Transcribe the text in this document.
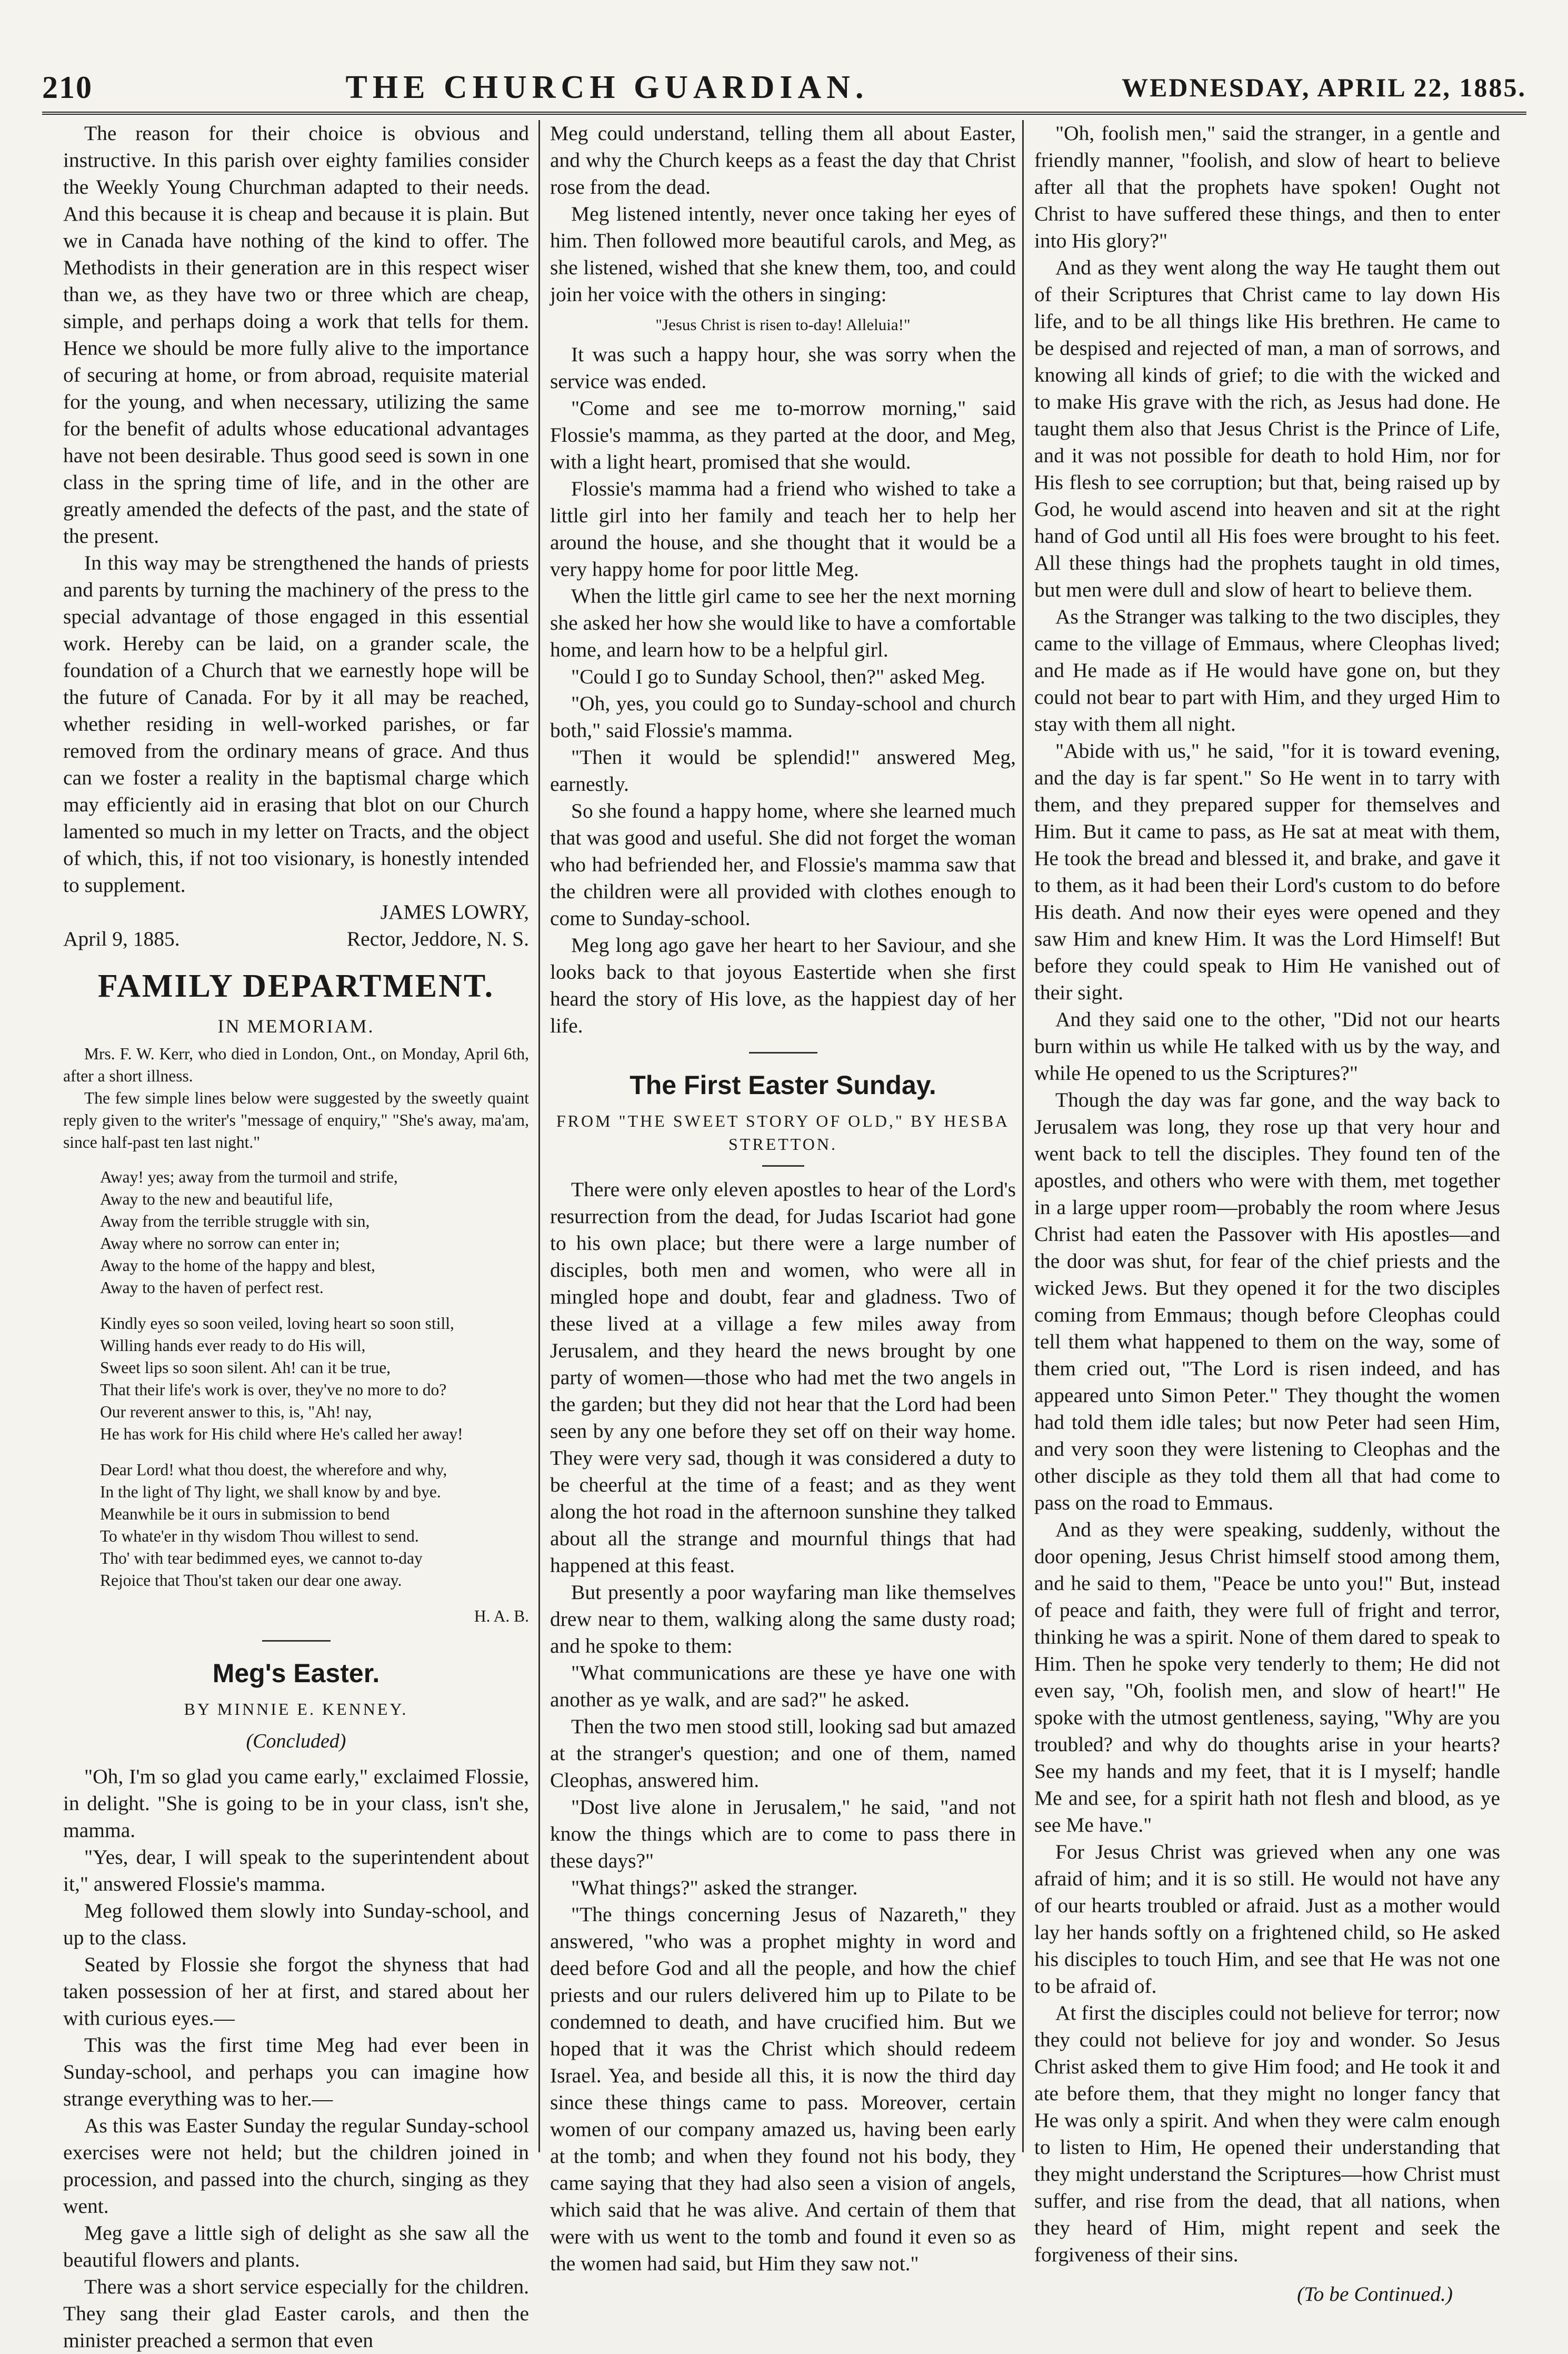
210	THE CHURCH GUARDIAN.	WEDNESDAY, APRIL 22, 1885.

The reason for their choice is obvious and instructive. In this parish over eighty families consider the Weekly Young Churchman adapted to their needs. And this because it is cheap and because it is plain. But we in Canada have nothing of the kind to offer. The Methodists in their generation are in this respect wiser than we, as they have two or three which are cheap, simple, and perhaps doing a work that tells for them. Hence we should be more fully alive to the importance of securing at home, or from abroad, requisite material for the young, and when necessary, utilizing the same for the benefit of adults whose educational advantages have not been desirable. Thus good seed is sown in one class in the spring time of life, and in the other are greatly amended the defects of the past, and the state of the present.

In this way may be strengthened the hands of priests and parents by turning the machinery of the press to the special advantage of those engaged in this essential work. Hereby can be laid, on a grander scale, the foundation of a Church that we earnestly hope will be the future of Canada. For by it all may be reached, whether residing in well-worked parishes, or far removed from the ordinary means of grace. And thus can we foster a reality in the baptismal charge which may efficiently aid in erasing that blot on our Church lamented so much in my letter on Tracts, and the object of which, this, if not too visionary, is honestly intended to supplement.

JAMES LOWRY,

April 9, 1885.	Rector, Jeddore, N. S.

FAMILY DEPARTMENT.
IN MEMORIAM.

Mrs. F. W. Kerr, who died in London, Ont., on Monday, April 6th, after a short illness.

The few simple lines below were suggested by the sweetly quaint reply given to the writer's "message of enquiry," "She's away, ma'am, since half-past ten last night."

Away! yes; away from the turmoil and strife,

Away to the new and beautiful life,

Away from the terrible struggle with sin,

Away where no sorrow can enter in;

Away to the home of the happy and blest,

Away to the haven of perfect rest.

Kindly eyes so soon veiled, loving heart so soon still,

Willing hands ever ready to do His will,

Sweet lips so soon silent. Ah! can it be true,

That their life's work is over, they've no more to do?

Our reverent answer to this, is, "Ah! nay,

He has work for His child where He's called her away!

Dear Lord! what thou doest, the wherefore and why,

In the light of Thy light, we shall know by and bye.

Meanwhile be it ours in submission to bend

To whate'er in thy wisdom Thou willest to send.

Tho' with tear bedimmed eyes, we cannot to-day

Rejoice that Thou'st taken our dear one away.

H. A. B.

Meg's Easter.
BY MINNIE E. KENNEY.
(Concluded)

"Oh, I'm so glad you came early," exclaimed Flossie, in delight. "She is going to be in your class, isn't she, mamma.

"Yes, dear, I will speak to the superintendent about it," answered Flossie's mamma.

Meg followed them slowly into Sunday-school, and up to the class.

Seated by Flossie she forgot the shyness that had taken possession of her at first, and stared about her with curious eyes.—

This was the first time Meg had ever been in Sunday-school, and perhaps you can imagine how strange everything was to her.—

As this was Easter Sunday the regular Sunday-school exercises were not held; but the children joined in procession, and passed into the church, singing as they went.

Meg gave a little sigh of delight as she saw all the beautiful flowers and plants.

There was a short service especially for the children. They sang their glad Easter carols, and then the minister preached a sermon that even

Meg could understand, telling them all about Easter, and why the Church keeps as a feast the day that Christ rose from the dead.

Meg listened intently, never once taking her eyes of him. Then followed more beautiful carols, and Meg, as she listened, wished that she knew them, too, and could join her voice with the others in singing:

"Jesus Christ is risen to-day! Alleluia!"

It was such a happy hour, she was sorry when the service was ended.

"Come and see me to-morrow morning," said Flossie's mamma, as they parted at the door, and Meg, with a light heart, promised that she would.

Flossie's mamma had a friend who wished to take a little girl into her family and teach her to help her around the house, and she thought that it would be a very happy home for poor little Meg.

When the little girl came to see her the next morning she asked her how she would like to have a comfortable home, and learn how to be a helpful girl.

"Could I go to Sunday School, then?" asked Meg.

"Oh, yes, you could go to Sunday-school and church both," said Flossie's mamma.

"Then it would be splendid!" answered Meg, earnestly.

So she found a happy home, where she learned much that was good and useful. She did not forget the woman who had befriended her, and Flossie's mamma saw that the children were all provided with clothes enough to come to Sunday-school.

Meg long ago gave her heart to her Saviour, and she looks back to that joyous Eastertide when she first heard the story of His love, as the happiest day of her life.

The First Easter Sunday.
FROM "THE SWEET STORY OF OLD," BY HESBA STRETTON.

There were only eleven apostles to hear of the Lord's resurrection from the dead, for Judas Iscariot had gone to his own place; but there were a large number of disciples, both men and women, who were all in mingled hope and doubt, fear and gladness. Two of these lived at a village a few miles away from Jerusalem, and they heard the news brought by one party of women—those who had met the two angels in the garden; but they did not hear that the Lord had been seen by any one before they set off on their way home. They were very sad, though it was considered a duty to be cheerful at the time of a feast; and as they went along the hot road in the afternoon sunshine they talked about all the strange and mournful things that had happened at this feast.

But presently a poor wayfaring man like themselves drew near to them, walking along the same dusty road; and he spoke to them:

"What communications are these ye have one with another as ye walk, and are sad?" he asked.

Then the two men stood still, looking sad but amazed at the stranger's question; and one of them, named Cleophas, answered him.

"Dost live alone in Jerusalem," he said, "and not know the things which are to come to pass there in these days?"

"What things?" asked the stranger.

"The things concerning Jesus of Nazareth," they answered, "who was a prophet mighty in word and deed before God and all the people, and how the chief priests and our rulers delivered him up to Pilate to be condemned to death, and have crucified him. But we hoped that it was the Christ which should redeem Israel. Yea, and beside all this, it is now the third day since these things came to pass. Moreover, certain women of our company amazed us, having been early at the tomb; and when they found not his body, they came saying that they had also seen a vision of angels, which said that he was alive. And certain of them that were with us went to the tomb and found it even so as the women had said, but Him they saw not."

"Oh, foolish men," said the stranger, in a gentle and friendly manner, "foolish, and slow of heart to believe after all that the prophets have spoken! Ought not Christ to have suffered these things, and then to enter into His glory?"

And as they went along the way He taught them out of their Scriptures that Christ came to lay down His life, and to be all things like His brethren. He came to be despised and rejected of man, a man of sorrows, and knowing all kinds of grief; to die with the wicked and to make His grave with the rich, as Jesus had done. He taught them also that Jesus Christ is the Prince of Life, and it was not possible for death to hold Him, nor for His flesh to see corruption; but that, being raised up by God, he would ascend into heaven and sit at the right hand of God until all His foes were brought to his feet. All these things had the prophets taught in old times, but men were dull and slow of heart to believe them.

As the Stranger was talking to the two disciples, they came to the village of Emmaus, where Cleophas lived; and He made as if He would have gone on, but they could not bear to part with Him, and they urged Him to stay with them all night.

"Abide with us," he said, "for it is toward evening, and the day is far spent." So He went in to tarry with them, and they prepared supper for themselves and Him. But it came to pass, as He sat at meat with them, He took the bread and blessed it, and brake, and gave it to them, as it had been their Lord's custom to do before His death. And now their eyes were opened and they saw Him and knew Him. It was the Lord Himself! But before they could speak to Him He vanished out of their sight.

And they said one to the other, "Did not our hearts burn within us while He talked with us by the way, and while He opened to us the Scriptures?"

Though the day was far gone, and the way back to Jerusalem was long, they rose up that very hour and went back to tell the disciples. They found ten of the apostles, and others who were with them, met together in a large upper room—probably the room where Jesus Christ had eaten the Passover with His apostles—and the door was shut, for fear of the chief priests and the wicked Jews. But they opened it for the two disciples coming from Emmaus; though before Cleophas could tell them what happened to them on the way, some of them cried out, "The Lord is risen indeed, and has appeared unto Simon Peter." They thought the women had told them idle tales; but now Peter had seen Him, and very soon they were listening to Cleophas and the other disciple as they told them all that had come to pass on the road to Emmaus.

And as they were speaking, suddenly, without the door opening, Jesus Christ himself stood among them, and he said to them, "Peace be unto you!" But, instead of peace and faith, they were full of fright and terror, thinking he was a spirit. None of them dared to speak to Him. Then he spoke very tenderly to them; He did not even say, "Oh, foolish men, and slow of heart!" He spoke with the utmost gentleness, saying, "Why are you troubled? and why do thoughts arise in your hearts? See my hands and my feet, that it is I myself; handle Me and see, for a spirit hath not flesh and blood, as ye see Me have."

For Jesus Christ was grieved when any one was afraid of him; and it is so still. He would not have any of our hearts troubled or afraid. Just as a mother would lay her hands softly on a frightened child, so He asked his disciples to touch Him, and see that He was not one to be afraid of.

At first the disciples could not believe for terror; now they could not believe for joy and wonder. So Jesus Christ asked them to give Him food; and He took it and ate before them, that they might no longer fancy that He was only a spirit. And when they were calm enough to listen to Him, He opened their understanding that they might understand the Scriptures—how Christ must suffer, and rise from the dead, that all nations, when they heard of Him, might repent and seek the forgiveness of their sins.

(To be Continued.)
